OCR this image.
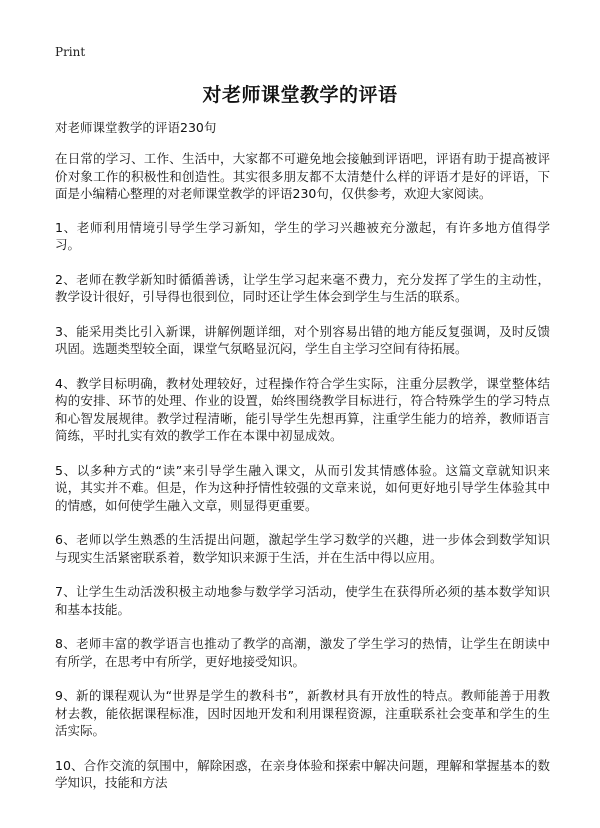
Print
对老师课堂教学的评语

对老师课堂教学的评语230句

在日常的学习、工作、生活中，大家都不可避免地会接触到评语吧，评语有助于提高被评价对象工作的积极性和创造性。其实很多朋友都不太清楚什么样的评语才是好的评语，下面是小编精心整理的对老师课堂教学的评语230句，仅供参考，欢迎大家阅读。

1、老师利用情境引导学生学习新知，学生的学习兴趣被充分激起，有许多地方值得学习。

2、老师在教学新知时循循善诱，让学生学习起来毫不费力，充分发挥了学生的主动性，教学设计很好，引导得也很到位，同时还让学生体会到学生与生活的联系。

3、能采用类比引入新课，讲解例题详细，对个别容易出错的地方能反复强调，及时反馈巩固。选题类型较全面，课堂气氛略显沉闷，学生自主学习空间有待拓展。

4、教学目标明确，教材处理较好，过程操作符合学生实际，注重分层教学，课堂整体结构的安排、环节的处理、作业的设置，始终围绕教学目标进行，符合特殊学生的学习特点和心智发展规律。教学过程清晰，能引导学生先想再算，注重学生能力的培养，教师语言简练，平时扎实有效的教学工作在本课中初显成效。

5、以多种方式的“读”来引导学生融入课文，从而引发其情感体验。这篇文章就知识来说，其实并不难。但是，作为这种抒情性较强的文章来说，如何更好地引导学生体验其中的情感，如何使学生融入文章，则显得更重要。

6、老师以学生熟悉的生活提出问题，激起学生学习数学的兴趣，进一步体会到数学知识与现实生活紧密联系着，数学知识来源于生活，并在生活中得以应用。

7、让学生生动活泼积极主动地参与数学学习活动，使学生在获得所必须的基本数学知识和基本技能。

8、老师丰富的教学语言也推动了教学的高潮，激发了学生学习的热情，让学生在朗读中有所学，在思考中有所学，更好地接受知识。

9、新的课程观认为“世界是学生的教科书”，新教材具有开放性的特点。教师能善于用教材去教，能依据课程标准，因时因地开发和利用课程资源，注重联系社会变革和学生的生活实际。

10、合作交流的氛围中，解除困惑，在亲身体验和探索中解决问题，理解和掌握基本的数学知识，技能和方法
